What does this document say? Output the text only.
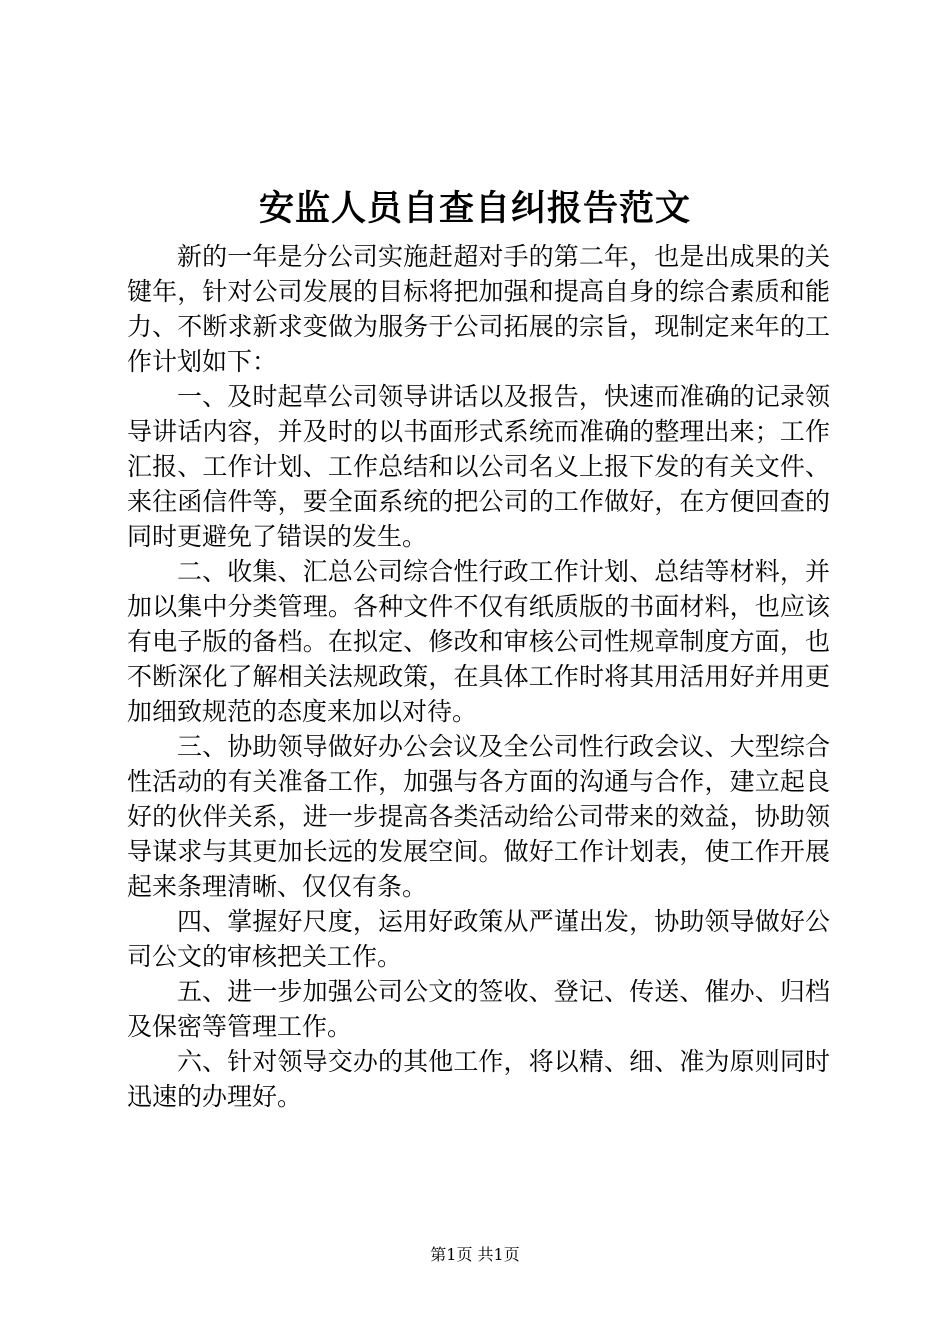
安监人员自查自纠报告范文

新的一年是分公司实施赶超对手的第二年，也是出成果的关键年，针对公司发展的目标将把加强和提高自身的综合素质和能力、不断求新求变做为服务于公司拓展的宗旨，现制定来年的工作计划如下：

一、及时起草公司领导讲话以及报告，快速而准确的记录领导讲话内容，并及时的以书面形式系统而准确的整理出来；工作汇报、工作计划、工作总结和以公司名义上报下发的有关文件、来往函信件等，要全面系统的把公司的工作做好，在方便回查的同时更避免了错误的发生。

二、收集、汇总公司综合性行政工作计划、总结等材料，并加以集中分类管理。各种文件不仅有纸质版的书面材料，也应该有电子版的备档。在拟定、修改和审核公司性规章制度方面，也不断深化了解相关法规政策，在具体工作时将其用活用好并用更加细致规范的态度来加以对待。

三、协助领导做好办公会议及全公司性行政会议、大型综合性活动的有关准备工作，加强与各方面的沟通与合作，建立起良好的伙伴关系，进一步提高各类活动给公司带来的效益，协助领导谋求与其更加长远的发展空间。做好工作计划表，使工作开展起来条理清晰、仅仅有条。

四、掌握好尺度，运用好政策从严谨出发，协助领导做好公司公文的审核把关工作。

五、进一步加强公司公文的签收、登记、传送、催办、归档及保密等管理工作。

六、针对领导交办的其他工作，将以精、细、准为原则同时迅速的办理好。

第1页 共1页
